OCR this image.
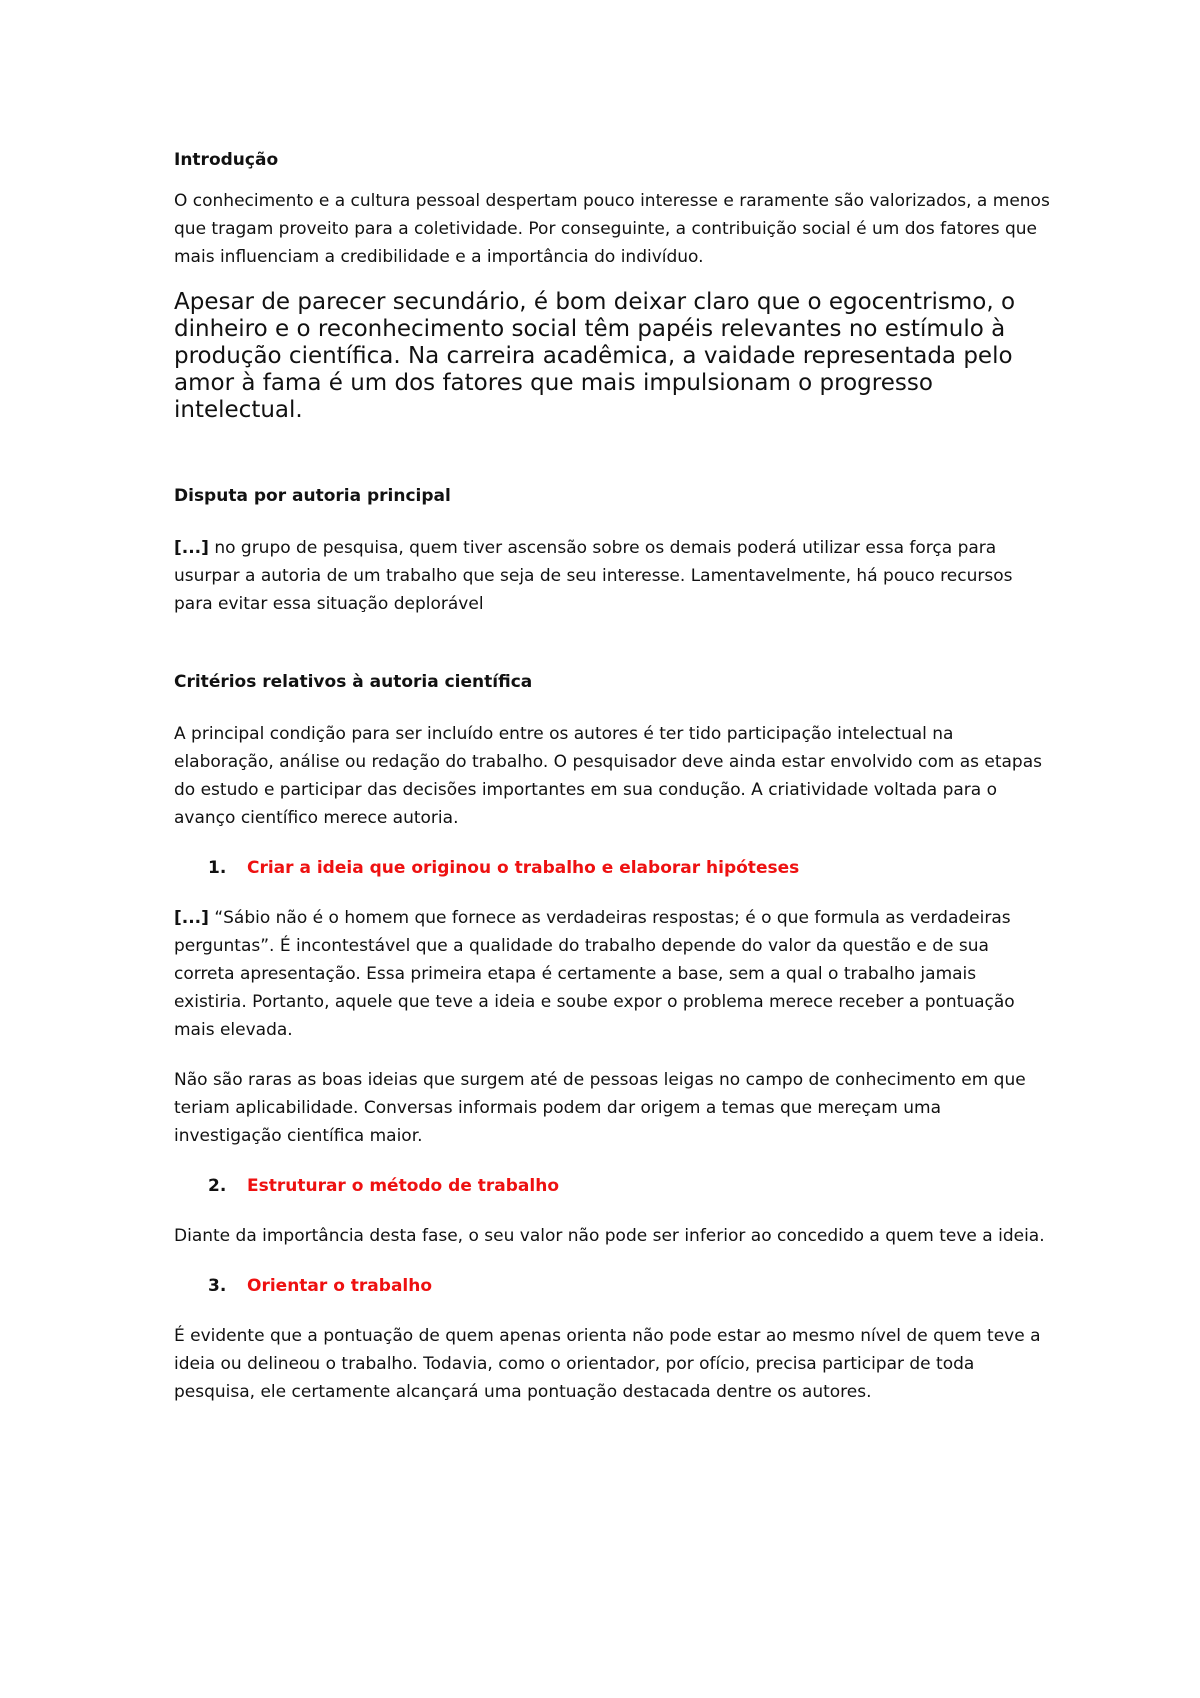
Introdução

O conhecimento e a cultura pessoal despertam pouco interesse e raramente são valorizados, a menos que tragam proveito para a coletividade. Por conseguinte, a contribuição social é um dos fatores que mais influenciam a credibilidade e a importância do indivíduo.

Apesar de parecer secundário, é bom deixar claro que o egocentrismo, o dinheiro e o reconhecimento social têm papéis relevantes no estímulo à produção científica. Na carreira acadêmica, a vaidade representada pelo amor à fama é um dos fatores que mais impulsionam o progresso intelectual.

Disputa por autoria principal

[...] no grupo de pesquisa, quem tiver ascensão sobre os demais poderá utilizar essa força para usurpar a autoria de um trabalho que seja de seu interesse. Lamentavelmente, há pouco recursos para evitar essa situação deplorável

Critérios relativos à autoria científica

A principal condição para ser incluído entre os autores é ter tido participação intelectual na elaboração, análise ou redação do trabalho. O pesquisador deve ainda estar envolvido com as etapas do estudo e participar das decisões importantes em sua condução. A criatividade voltada para o avanço científico merece autoria.

1.	Criar a ideia que originou o trabalho e elaborar hipóteses

[...] “Sábio não é o homem que fornece as verdadeiras respostas; é o que formula as verdadeiras perguntas”. É incontestável que a qualidade do trabalho depende do valor da questão e de sua correta apresentação. Essa primeira etapa é certamente a base, sem a qual o trabalho jamais existiria. Portanto, aquele que teve a ideia e soube expor o problema merece receber a pontuação mais elevada.

Não são raras as boas ideias que surgem até de pessoas leigas no campo de conhecimento em que teriam aplicabilidade. Conversas informais podem dar origem a temas que mereçam uma investigação científica maior.

2.	Estruturar o método de trabalho

Diante da importância desta fase, o seu valor não pode ser inferior ao concedido a quem teve a ideia.

3.	Orientar o trabalho

É evidente que a pontuação de quem apenas orienta não pode estar ao mesmo nível de quem teve a ideia ou delineou o trabalho. Todavia, como o orientador, por ofício, precisa participar de toda pesquisa, ele certamente alcançará uma pontuação destacada dentre os autores.
